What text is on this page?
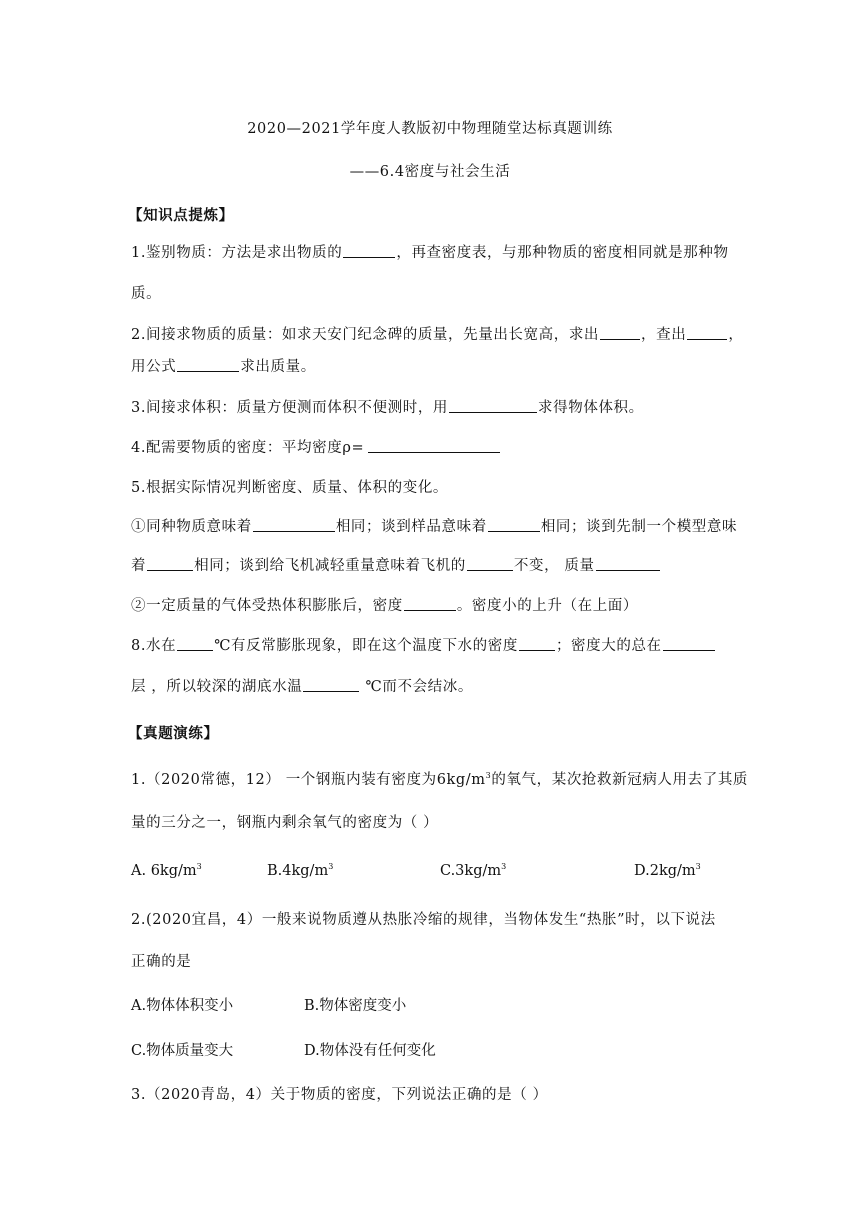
2020—2021学年度人教版初中物理随堂达标真题训练
——6.4密度与社会生活
【知识点提炼】
1.鉴别物质：方法是求出物质的	，再查密度表，与那种物质的密度相同就是那种物
质。
2.间接求物质的质量：如求天安门纪念碑的质量，先量出长宽高，求出	，查出	，
用公式	求出质量。
3.间接求体积：质量方便测而体积不便测时，用	求得物体体积。
4.配需要物质的密度：平均密度ρ=
5.根据实际情况判断密度、质量、体积的变化。
①同种物质意味着	相同；谈到样品意味着	相同；谈到先制一个模型意味
着	相同；谈到给飞机减轻重量意味着飞机的	不变， 质量
②一定质量的气体受热体积膨胀后，密度	。密度小的上升（在上面）
8.水在	℃有反常膨胀现象，即在这个温度下水的密度	；密度大的总在
层 ，所以较深的湖底水温	℃而不会结冰。
【真题演练】
1.（2020常德，12） 一个钢瓶内装有密度为$6kg/m^3$的氧气，某次抢救新冠病人用去了其质
量的三分之一，钢瓶内剩余氧气的密度为（ ）
A. $6kg/m^3$	$B.4kg/m^3$	$C.3kg/m^3$	$D.2kg/m^3$
2.(2020宜昌，4）一般来说物质遵从热胀冷缩的规律，当物体发生“热胀”时，以下说法
正确的是
A.物体体积变小	B.物体密度变小
C.物体质量变大	D.物体没有任何变化
3.（2020青岛，4）关于物质的密度，下列说法正确的是（ ）
